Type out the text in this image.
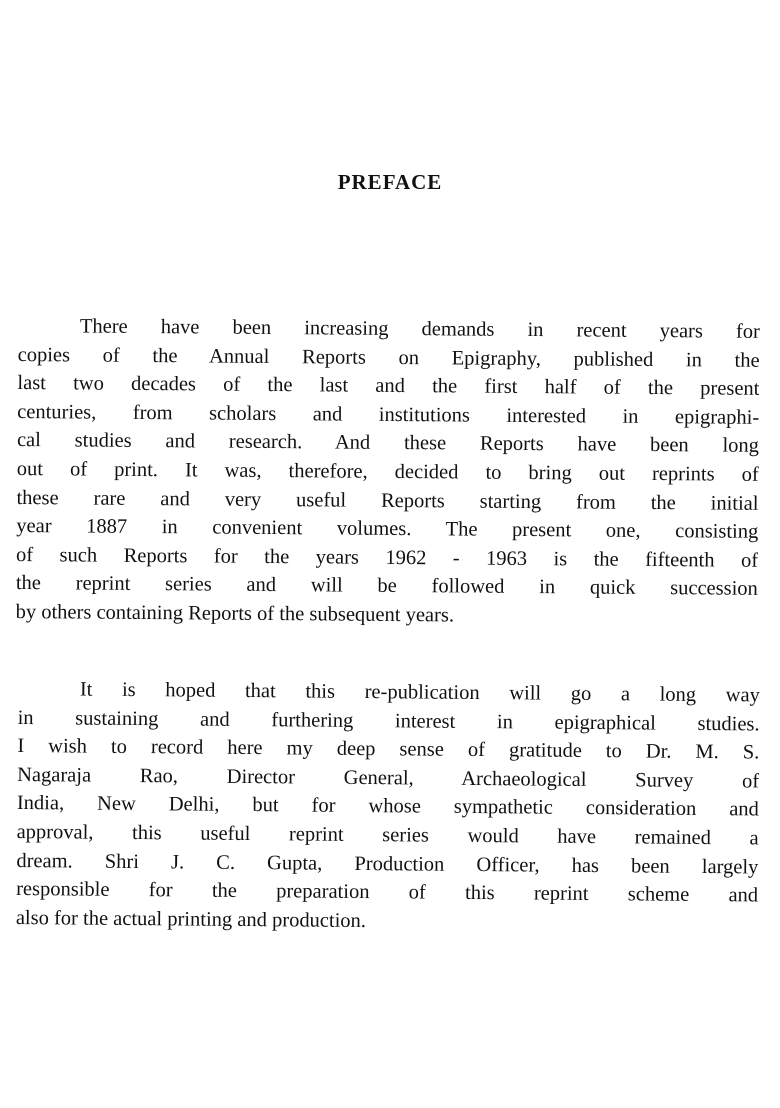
PREFACE
There have been increasing demands in recent years for
copies of the Annual Reports on Epigraphy, published in the
last two decades of the last and the first half of the present
centuries, from scholars and institutions interested in epigraphi-
cal studies and research. And these Reports have been long
out of print. It was, therefore, decided to bring out reprints of
these rare and very useful Reports starting from the initial
year 1887 in convenient volumes. The present one, consisting
of such Reports for the years 1962 - 1963 is the fifteenth of
the reprint series and will be followed in quick succession
by others containing Reports of the subsequent years.
It is hoped that this re-publication will go a long way
in sustaining and furthering interest in epigraphical studies.
I wish to record here my deep sense of gratitude to Dr. M. S.
Nagaraja Rao, Director General, Archaeological Survey of
India, New Delhi, but for whose sympathetic consideration and
approval, this useful reprint series would have remained a
dream. Shri J. C. Gupta, Production Officer, has been largely
responsible for the preparation of this reprint scheme and
also for the actual printing and production.
